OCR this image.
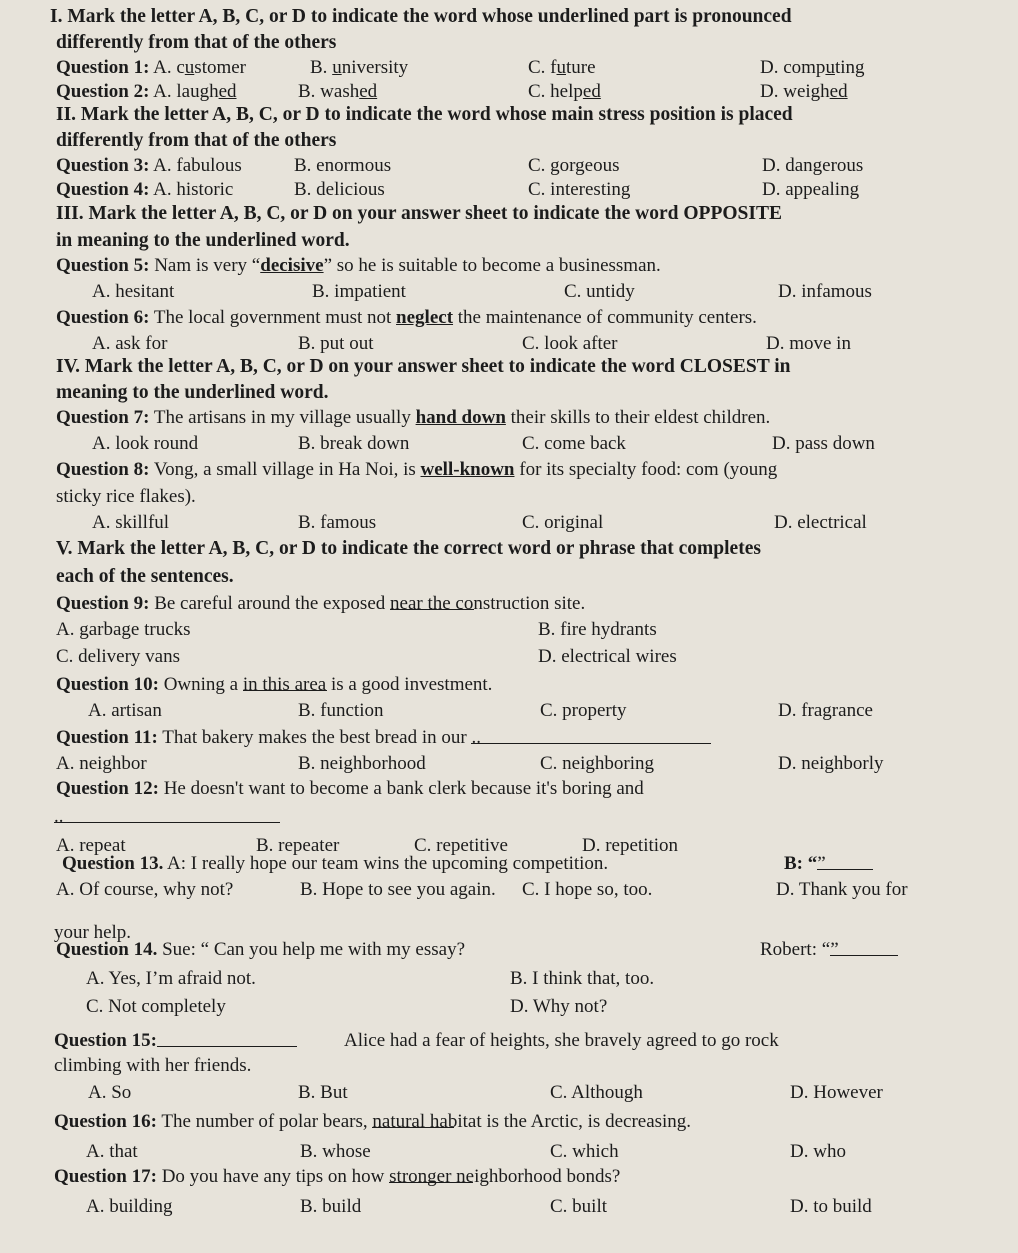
I. Mark the letter A, B, C, or D to indicate the word whose underlined part is pronounced
differently from that of the others
Question 1: A. customer	B. university	C. future	D. computing
Question 2: A. laughed	B. washed	C. helped	D. weighed
II. Mark the letter A, B, C, or D to indicate the word whose main stress position is placed
differently from that of the others
Question 3: A. fabulous	B. enormous	C. gorgeous	D. dangerous
Question 4: A. historic	B. delicious	C. interesting	D. appealing
III. Mark the letter A, B, C, or D on your answer sheet to indicate the word OPPOSITE
in meaning to the underlined word.
Question 5: Nam is very “decisive” so he is suitable to become a businessman.
A. hesitant	B. impatient	C. untidy	D. infamous
Question 6: The local government must not neglect the maintenance of community centers.
A. ask for	B. put out	C. look after	D. move in
IV. Mark the letter A, B, C, or D on your answer sheet to indicate the word CLOSEST in
meaning to the underlined word.
Question 7: The artisans in my village usually hand down their skills to their eldest children.
A. look round	B. break down	C. come back	D. pass down
Question 8: Vong, a small village in Ha Noi, is well-known for its specialty food: com (young
sticky rice flakes).
A. skillful	B. famous	C. original	D. electrical
V. Mark the letter A, B, C, or D to indicate the correct word or phrase that completes
each of the sentences.
Question 9: Be careful around the exposed
near the construction site.
A. garbage trucks	B. fire hydrants
C. delivery vans	D. electrical wires
Question 10: Owning a
in this area is a good investment.
A. artisan	B. function	C. property	D. fragrance
Question 11: That bakery makes the best bread in our
..
A. neighbor	B. neighborhood	C. neighboring	D. neighborly
Question 12: He doesn't want to become a bank clerk because it's boring and
..
A. repeat	B. repeater	C. repetitive	D. repetition
Question 13. A: I really hope our team wins the upcoming competition.	B: “
”
A. Of course, why not?	B. Hope to see you again. C. I hope so, too.	D. Thank you for
your help.
Question 14. Sue: “ Can you help me with my essay?	Robert: “
”
A. Yes, I’m afraid not.	B. I think that, too.
C. Not completely	D. Why not?
Question 15:	Alice had a fear of heights, she bravely agreed to go rock
climbing with her friends.
A. So	B. But	C. Although	D. However
Question 16: The number of polar bears,
natural habitat is the Arctic, is decreasing.
A. that	B. whose	C. which	D. who
Question 17: Do you have any tips on how
stronger neighborhood bonds?
A. building	B. build	C. built	D. to build
